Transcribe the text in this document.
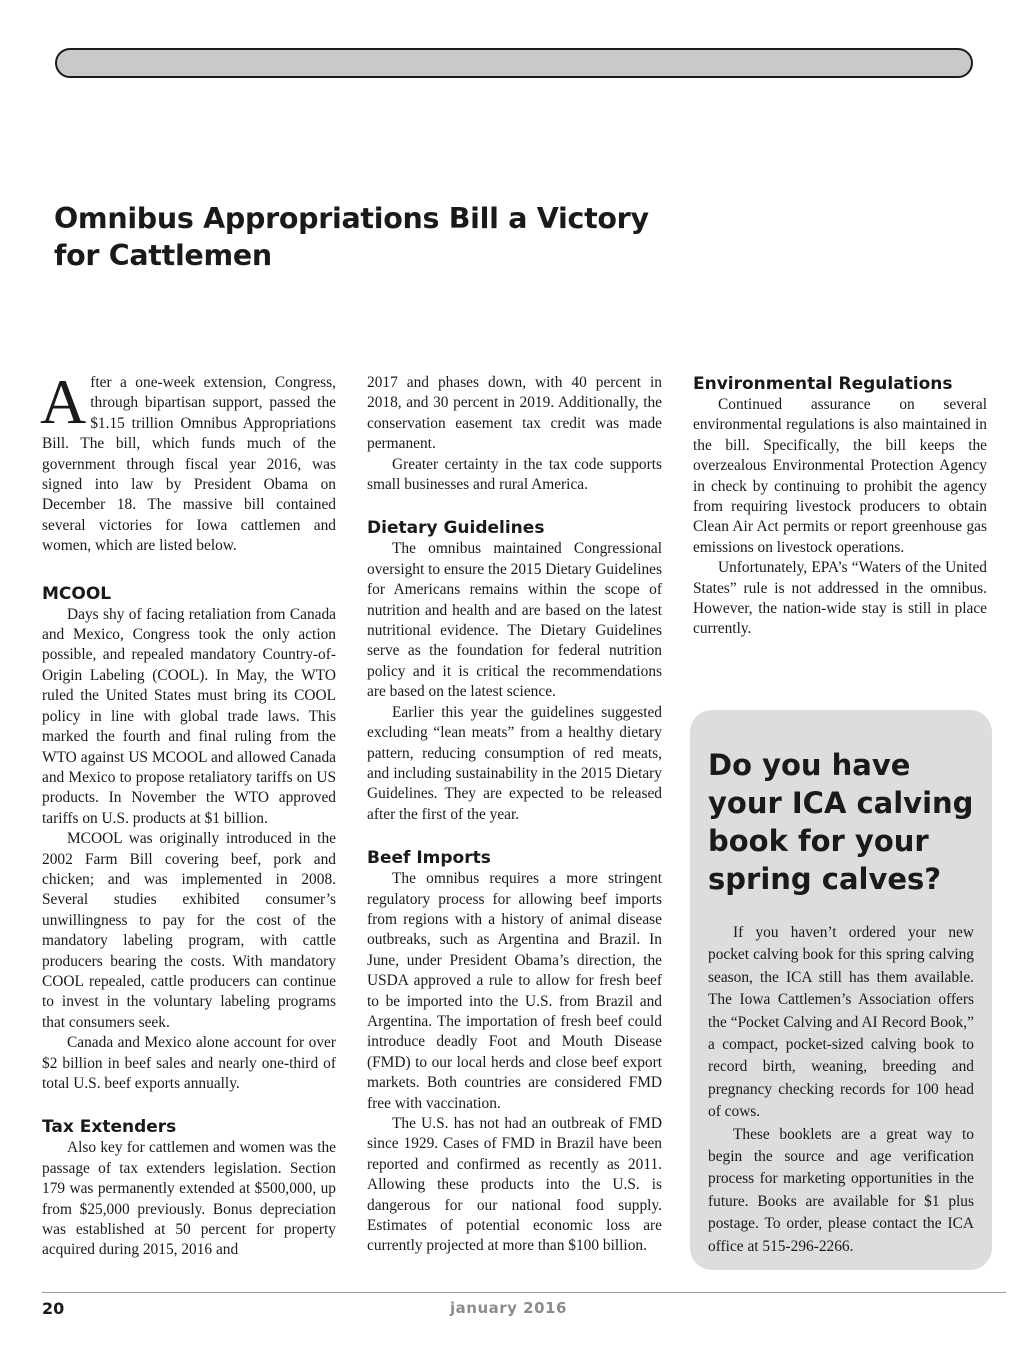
Omnibus Appropriations Bill a Victory for Cattlemen

After a one-week extension, Congress, through bipartisan support, passed the $1.15 trillion Omnibus Appropriations Bill. The bill, which funds much of the government through fiscal year 2016, was signed into law by President Obama on December 18. The massive bill contained several victories for Iowa cattlemen and women, which are listed below.

MCOOL

Days shy of facing retaliation from Canada and Mexico, Congress took the only action possible, and repealed mandatory Country-of-Origin Labeling (COOL). In May, the WTO ruled the United States must bring its COOL policy in line with global trade laws. This marked the fourth and final ruling from the WTO against US MCOOL and allowed Canada and Mexico to propose retaliatory tariffs on US products. In November the WTO approved tariffs on U.S. products at $1 billion.

MCOOL was originally introduced in the 2002 Farm Bill covering beef, pork and chicken; and was implemented in 2008. Several studies exhibited consumer’s unwillingness to pay for the cost of the mandatory labeling program, with cattle producers bearing the costs. With mandatory COOL repealed, cattle producers can continue to invest in the voluntary labeling programs that consumers seek.

Canada and Mexico alone account for over $2 billion in beef sales and nearly one-third of total U.S. beef exports annually.

Tax Extenders

Also key for cattlemen and women was the passage of tax extenders legislation. Section 179 was permanently extended at $500,000, up from $25,000 previously. Bonus depreciation was established at 50 percent for property acquired during 2015, 2016 and

2017 and phases down, with 40 percent in 2018, and 30 percent in 2019. Additionally, the conservation easement tax credit was made permanent.

Greater certainty in the tax code supports small businesses and rural America.

Dietary Guidelines

The omnibus maintained Congressional oversight to ensure the 2015 Dietary Guidelines for Americans remains within the scope of nutrition and health and are based on the latest nutritional evidence. The Dietary Guidelines serve as the foundation for federal nutrition policy and it is critical the recommendations are based on the latest science.

Earlier this year the guidelines suggested excluding “lean meats” from a healthy dietary pattern, reducing consumption of red meats, and including sustainability in the 2015 Dietary Guidelines. They are expected to be released after the first of the year.

Beef Imports

The omnibus requires a more stringent regulatory process for allowing beef imports from regions with a history of animal disease outbreaks, such as Argentina and Brazil. In June, under President Obama’s direction, the USDA approved a rule to allow for fresh beef to be imported into the U.S. from Brazil and Argentina. The importation of fresh beef could introduce deadly Foot and Mouth Disease (FMD) to our local herds and close beef export markets. Both countries are considered FMD free with vaccination.

The U.S. has not had an outbreak of FMD since 1929. Cases of FMD in Brazil have been reported and confirmed as recently as 2011. Allowing these products into the U.S. is dangerous for our national food supply. Estimates of potential economic loss are currently projected at more than $100 billion.

Environmental Regulations

Continued assurance on several environmental regulations is also maintained in the bill. Specifically, the bill keeps the overzealous Environmental Protection Agency in check by continuing to prohibit the agency from requiring livestock producers to obtain Clean Air Act permits or report greenhouse gas emissions on livestock operations.

Unfortunately, EPA’s “Waters of the United States” rule is not addressed in the omnibus. However, the nation-wide stay is still in place currently.

Do you have your ICA calving book for your spring calves?

If you haven’t ordered your new pocket calving book for this spring calving season, the ICA still has them available. The Iowa Cattlemen’s Association offers the “Pocket Calving and AI Record Book,” a compact, pocket-sized calving book to record birth, weaning, breeding and pregnancy checking records for 100 head of cows.

These booklets are a great way to begin the source and age verification process for marketing opportunities in the future. Books are available for $1 plus postage. To order, please contact the ICA office at 515-296-2266.

20	january 2016
